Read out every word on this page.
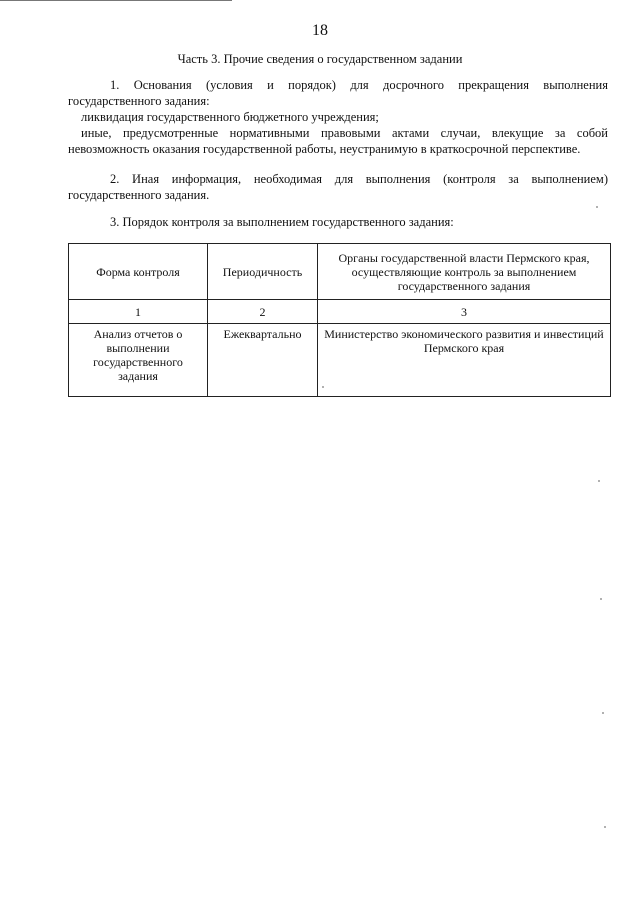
18
Часть 3. Прочие сведения о государственном задании
1. Основания (условия и порядок) для досрочного прекращения выполнения
государственного задания:
ликвидация государственного бюджетного учреждения;
иные, предусмотренные нормативными правовыми актами случаи, влекущие за собой
невозможность оказания государственной работы, неустранимую в краткосрочной перспективе.
2. Иная информация, необходимая для выполнения (контроля за выполнением)
государственного задания.
3. Порядок контроля за выполнением государственного задания:
Форма контроля	Периодичность	Органы государственной власти Пермского края, осуществляющие контроль за выполнением государственного задания
1	2	3
Анализ отчетов о выполнении государственного задания	Ежеквартально	Министерство экономического развития и инвестиций Пермского края
